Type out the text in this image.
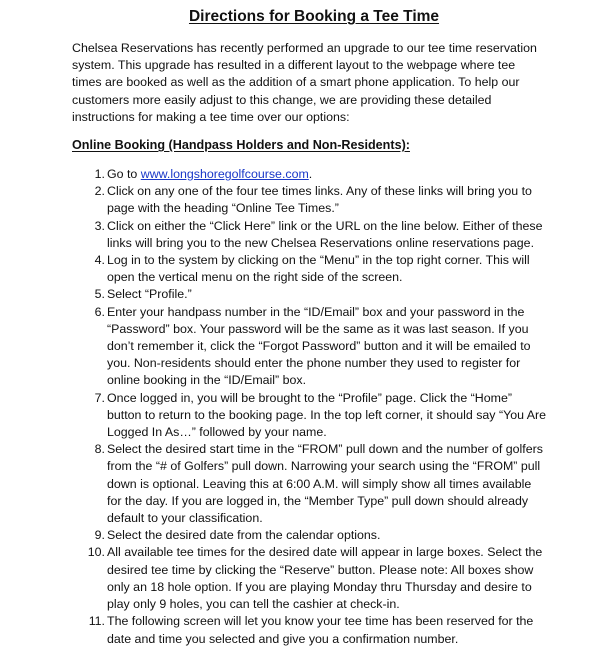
Directions for Booking a Tee Time

Chelsea Reservations has recently performed an upgrade to our tee time reservation system. This upgrade has resulted in a different layout to the webpage where tee times are booked as well as the addition of a smart phone application. To help our customers more easily adjust to this change, we are providing these detailed instructions for making a tee time over our options:

Online Booking (Handpass Holders and Non-Residents):
1. Go to www.longshoregolfcourse.com.
2. Click on any one of the four tee times links. Any of these links will bring you to page with the heading “Online Tee Times.”
3. Click on either the “Click Here” link or the URL on the line below. Either of these links will bring you to the new Chelsea Reservations online reservations page.
4. Log in to the system by clicking on the “Menu” in the top right corner. This will open the vertical menu on the right side of the screen.
5. Select “Profile.”
6. Enter your handpass number in the “ID/Email” box and your password in the “Password” box. Your password will be the same as it was last season. If you don’t remember it, click the “Forgot Password” button and it will be emailed to you. Non-residents should enter the phone number they used to register for online booking in the “ID/Email” box.
7. Once logged in, you will be brought to the “Profile” page. Click the “Home” button to return to the booking page. In the top left corner, it should say “You Are Logged In As…” followed by your name.
8. Select the desired start time in the “FROM” pull down and the number of golfers from the “# of Golfers” pull down. Narrowing your search using the “FROM” pull down is optional. Leaving this at 6:00 A.M. will simply show all times available for the day. If you are logged in, the “Member Type” pull down should already default to your classification.
9. Select the desired date from the calendar options.
10. All available tee times for the desired date will appear in large boxes. Select the desired tee time by clicking the “Reserve” button. Please note: All boxes show only an 18 hole option. If you are playing Monday thru Thursday and desire to play only 9 holes, you can tell the cashier at check-in.
11. The following screen will let you know your tee time has been reserved for the date and time you selected and give you a confirmation number.
